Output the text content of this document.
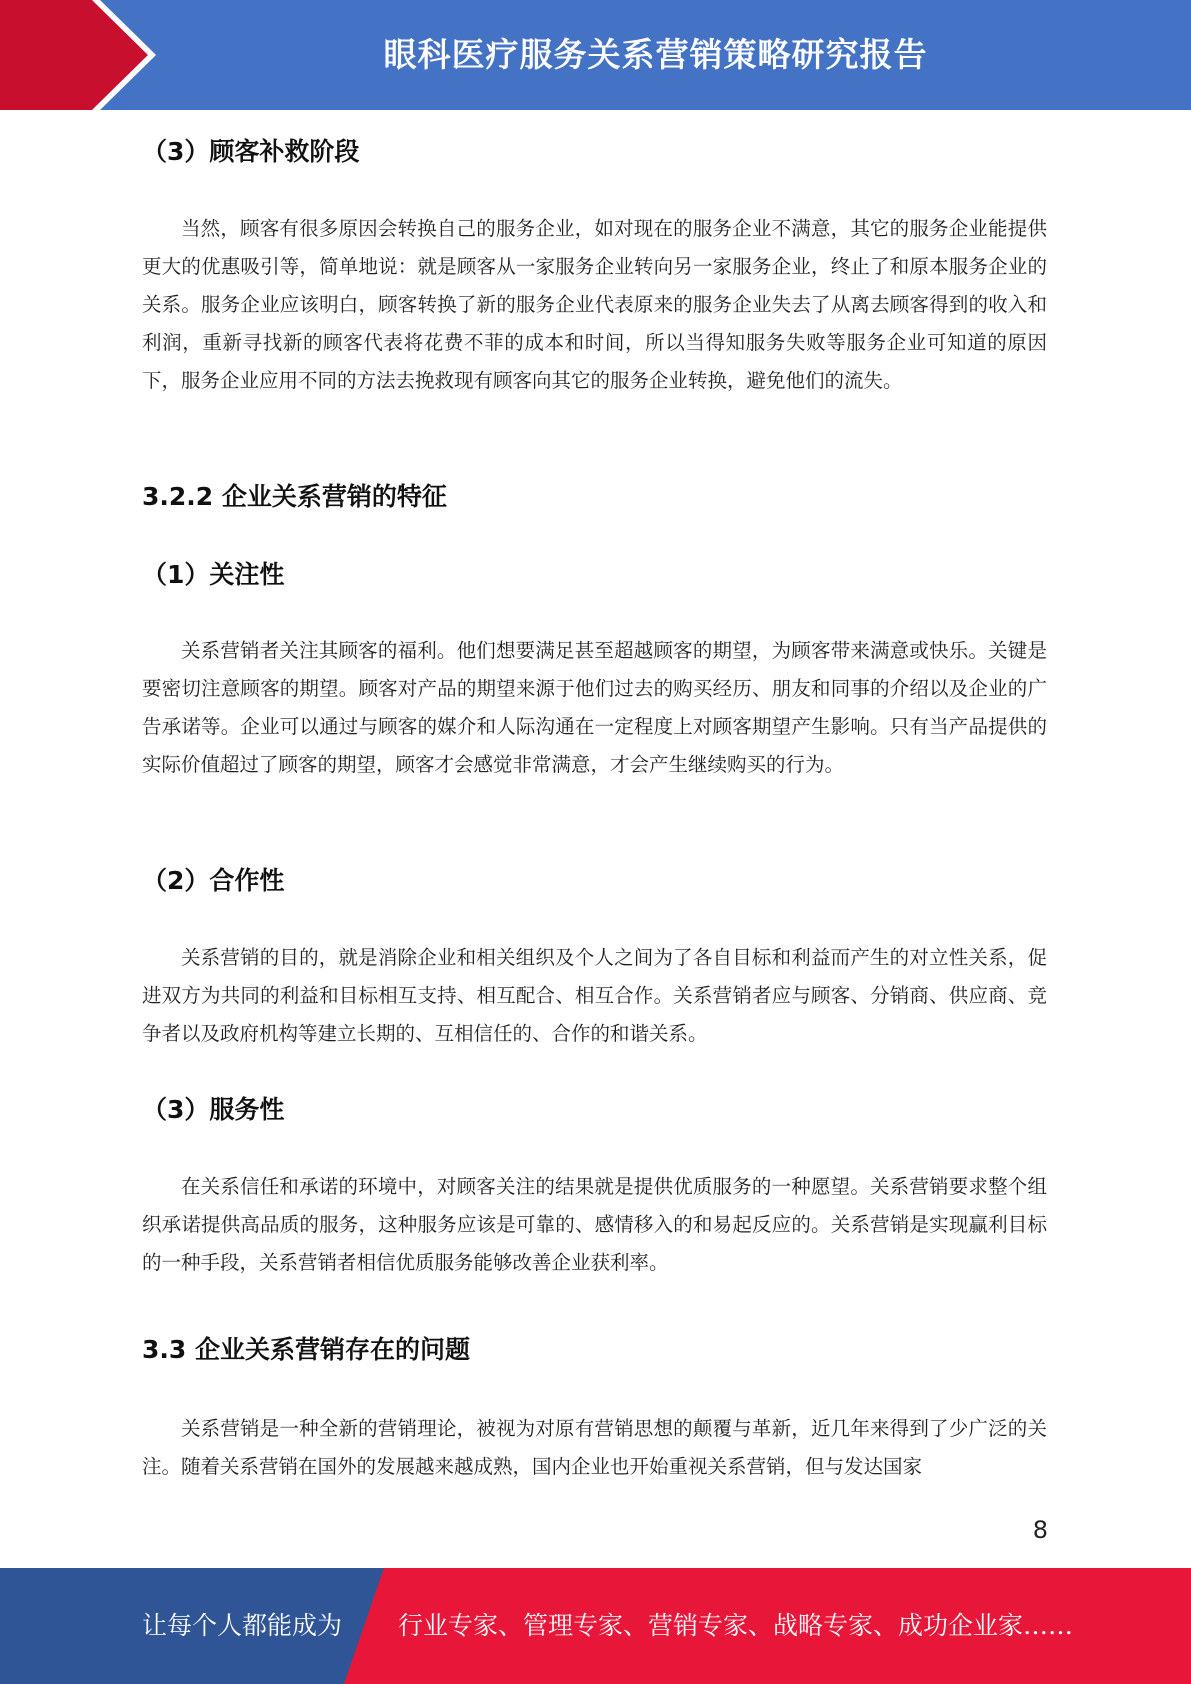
眼科医疗服务关系营销策略研究报告
（3）顾客补救阶段

当然，顾客有很多原因会转换自己的服务企业，如对现在的服务企业不满意，其它的服务企业能提供更大的优惠吸引等，简单地说：就是顾客从一家服务企业转向另一家服务企业，终止了和原本服务企业的关系。服务企业应该明白，顾客转换了新的服务企业代表原来的服务企业失去了从离去顾客得到的收入和利润，重新寻找新的顾客代表将花费不菲的成本和时间，所以当得知服务失败等服务企业可知道的原因下，服务企业应用不同的方法去挽救现有顾客向其它的服务企业转换，避免他们的流失。

3.2.2 企业关系营销的特征
（1）关注性

关系营销者关注其顾客的福利。他们想要满足甚至超越顾客的期望，为顾客带来满意或快乐。关键是要密切注意顾客的期望。顾客对产品的期望来源于他们过去的购买经历、朋友和同事的介绍以及企业的广告承诺等。企业可以通过与顾客的媒介和人际沟通在一定程度上对顾客期望产生影响。只有当产品提供的实际价值超过了顾客的期望，顾客才会感觉非常满意，才会产生继续购买的行为。

（2）合作性

关系营销的目的，就是消除企业和相关组织及个人之间为了各自目标和利益而产生的对立性关系，促进双方为共同的利益和目标相互支持、相互配合、相互合作。关系营销者应与顾客、分销商、供应商、竞争者以及政府机构等建立长期的、互相信任的、合作的和谐关系。

（3）服务性

在关系信任和承诺的环境中，对顾客关注的结果就是提供优质服务的一种愿望。关系营销要求整个组织承诺提供高品质的服务，这种服务应该是可靠的、感情移入的和易起反应的。关系营销是实现赢利目标的一种手段，关系营销者相信优质服务能够改善企业获利率。

3.3 企业关系营销存在的问题

关系营销是一种全新的营销理论，被视为对原有营销思想的颠覆与革新，近几年来得到了少广泛的关注。随着关系营销在国外的发展越来越成熟，国内企业也开始重视关系营销，但与发达国家

8
让每个人都能成为 行业专家、管理专家、营销专家、战略专家、成功企业家……
